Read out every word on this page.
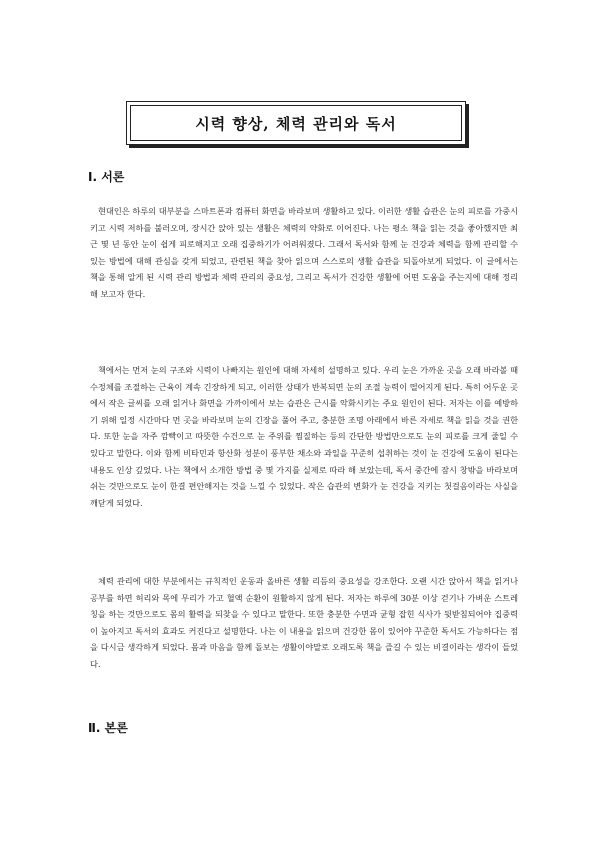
시력 향상, 체력 관리와 독서
Ⅰ. 서론

현대인은 하루의 대부분을 스마트폰과 컴퓨터 화면을 바라보며 생활하고 있다. 이러한 생활 습관은 눈의 피로를 가중시키고 시력 저하를 불러오며, 장시간 앉아 있는 생활은 체력의 약화로 이어진다. 나는 평소 책을 읽는 것을 좋아했지만 최근 몇 년 동안 눈이 쉽게 피로해지고 오래 집중하기가 어려워졌다. 그래서 독서와 함께 눈 건강과 체력을 함께 관리할 수 있는 방법에 대해 관심을 갖게 되었고, 관련된 책을 찾아 읽으며 스스로의 생활 습관을 되돌아보게 되었다. 이 글에서는 책을 통해 알게 된 시력 관리 방법과 체력 관리의 중요성, 그리고 독서가 건강한 생활에 어떤 도움을 주는지에 대해 정리해 보고자 한다.

책에서는 먼저 눈의 구조와 시력이 나빠지는 원인에 대해 자세히 설명하고 있다. 우리 눈은 가까운 곳을 오래 바라볼 때 수정체를 조절하는 근육이 계속 긴장하게 되고, 이러한 상태가 반복되면 눈의 조절 능력이 떨어지게 된다. 특히 어두운 곳에서 작은 글씨를 오래 읽거나 화면을 가까이에서 보는 습관은 근시를 악화시키는 주요 원인이 된다. 저자는 이를 예방하기 위해 일정 시간마다 먼 곳을 바라보며 눈의 긴장을 풀어 주고, 충분한 조명 아래에서 바른 자세로 책을 읽을 것을 권한다. 또한 눈을 자주 깜빡이고 따뜻한 수건으로 눈 주위를 찜질하는 등의 간단한 방법만으로도 눈의 피로를 크게 줄일 수 있다고 말한다. 이와 함께 비타민과 항산화 성분이 풍부한 채소와 과일을 꾸준히 섭취하는 것이 눈 건강에 도움이 된다는 내용도 인상 깊었다. 나는 책에서 소개한 방법 중 몇 가지를 실제로 따라 해 보았는데, 독서 중간에 잠시 창밖을 바라보며 쉬는 것만으로도 눈이 한결 편안해지는 것을 느낄 수 있었다. 작은 습관의 변화가 눈 건강을 지키는 첫걸음이라는 사실을 깨닫게 되었다.

체력 관리에 대한 부분에서는 규칙적인 운동과 올바른 생활 리듬의 중요성을 강조한다. 오랜 시간 앉아서 책을 읽거나 공부를 하면 허리와 목에 무리가 가고 혈액 순환이 원활하지 않게 된다. 저자는 하루에 30분 이상 걷기나 가벼운 스트레칭을 하는 것만으로도 몸의 활력을 되찾을 수 있다고 말한다. 또한 충분한 수면과 균형 잡힌 식사가 뒷받침되어야 집중력이 높아지고 독서의 효과도 커진다고 설명한다. 나는 이 내용을 읽으며 건강한 몸이 있어야 꾸준한 독서도 가능하다는 점을 다시금 생각하게 되었다. 몸과 마음을 함께 돌보는 생활이야말로 오래도록 책을 즐길 수 있는 비결이라는 생각이 들었다.

Ⅱ. 본론
